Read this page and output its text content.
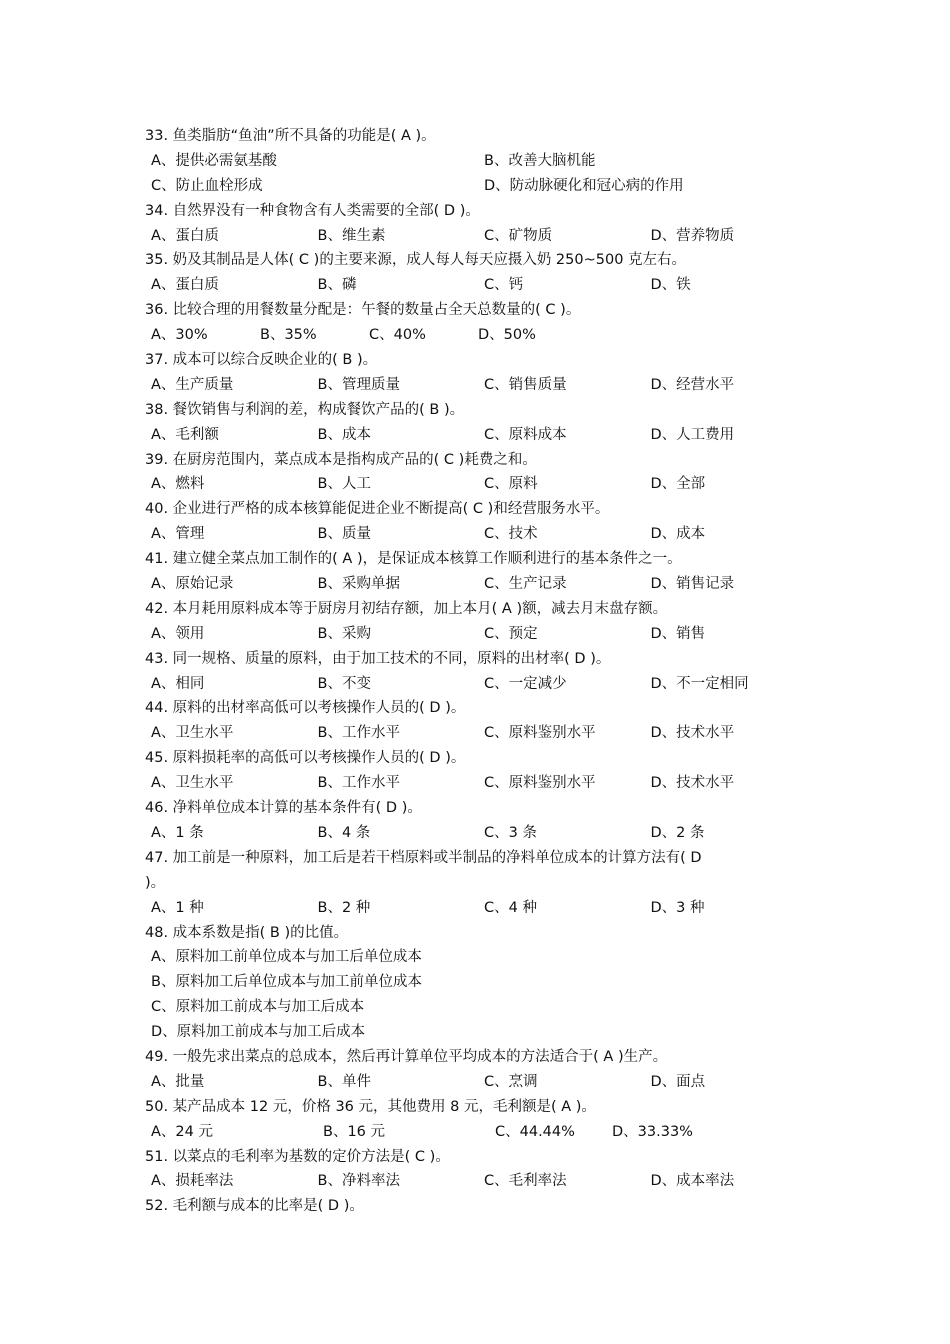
33. 鱼类脂肪“鱼油”所不具备的功能是( A )。
A、提供必需氨基酸	B、改善大脑机能
C、防止血栓形成	D、防动脉硬化和冠心病的作用
34. 自然界没有一种食物含有人类需要的全部( D )。
A、蛋白质	B、维生素	C、矿物质	D、营养物质
35. 奶及其制品是人体( C )的主要来源，成人每人每天应摄入奶 250~500 克左右。
A、蛋白质	B、磷	C、钙	D、铁
36. 比较合理的用餐数量分配是：午餐的数量占全天总数量的( C )。
A、30%	B、35%	C、40%	D、50%
37. 成本可以综合反映企业的( B )。
A、生产质量	B、管理质量	C、销售质量	D、经营水平
38. 餐饮销售与利润的差，构成餐饮产品的( B )。
A、毛利额	B、成本	C、原料成本	D、人工费用
39. 在厨房范围内，菜点成本是指构成产品的( C )耗费之和。
A、燃料	B、人工	C、原料	D、全部
40. 企业进行严格的成本核算能促进企业不断提高( C )和经营服务水平。
A、管理	B、质量	C、技术	D、成本
41. 建立健全菜点加工制作的( A )，是保证成本核算工作顺利进行的基本条件之一。
A、原始记录	B、采购单据	C、生产记录	D、销售记录
42. 本月耗用原料成本等于厨房月初结存额，加上本月( A )额，减去月末盘存额。
A、领用	B、采购	C、预定	D、销售
43. 同一规格、质量的原料，由于加工技术的不同，原料的出材率( D )。
A、相同	B、不变	C、一定减少	D、不一定相同
44. 原料的出材率高低可以考核操作人员的( D )。
A、卫生水平	B、工作水平	C、原料鉴别水平	D、技术水平
45. 原料损耗率的高低可以考核操作人员的( D )。
A、卫生水平	B、工作水平	C、原料鉴别水平	D、技术水平
46. 净料单位成本计算的基本条件有( D )。
A、1 条	B、4 条	C、3 条	D、2 条
47. 加工前是一种原料，加工后是若干档原料或半制品的净料单位成本的计算方法有( D
)。
A、1 种	B、2 种	C、4 种	D、3 种
48. 成本系数是指( B )的比值。
A、原料加工前单位成本与加工后单位成本
B、原料加工后单位成本与加工前单位成本
C、原料加工前成本与加工后成本
D、原料加工前成本与加工后成本
49. 一般先求出菜点的总成本，然后再计算单位平均成本的方法适合于( A )生产。
A、批量	B、单件	C、烹调	D、面点
50. 某产品成本 12 元，价格 36 元，其他费用 8 元，毛利额是( A )。
A、24 元	B、16 元	C、44.44%	D、33.33%
51. 以菜点的毛利率为基数的定价方法是( C )。
A、损耗率法	B、净料率法	C、毛利率法	D、成本率法
52. 毛利额与成本的比率是( D )。
